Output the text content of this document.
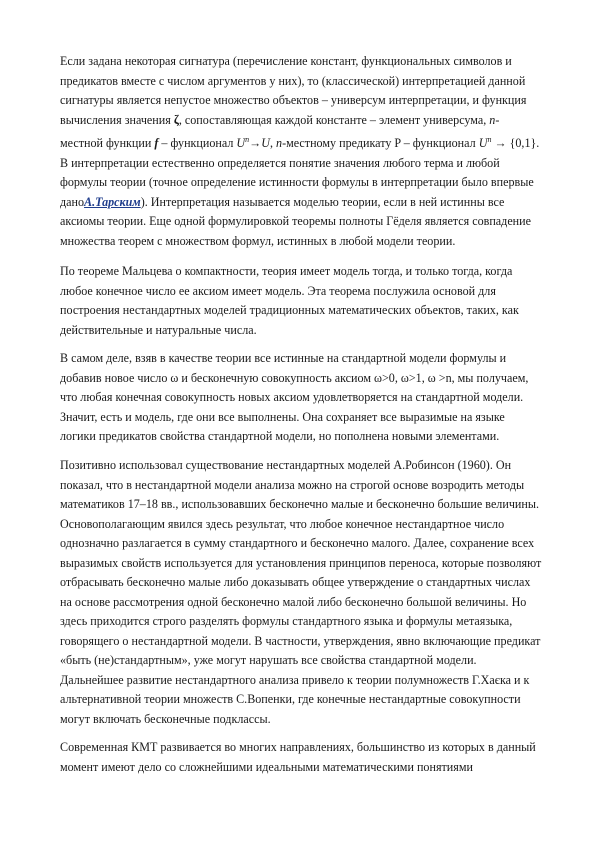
Если задана некоторая сигнатура (перечисление констант, функциональных символов и предикатов вместе с числом аргументов у них), то (классической) интерпретацией данной сигнатуры является непустое множество объектов – универсум интерпретации, и функция вычисления значения ζ, сопоставляющая каждой константе – элемент универсума, n-местной функции f – функционал $U^n\to U$, n-местному предикату P – функционал $U^n \to \{0,1\}$. В интерпретации естественно определяется понятие значения любого терма и любой формулы теории (точное определение истинности формулы в интерпретации было впервые даноА.Тарским). Интерпретация называется моделью теории, если в ней истинны все аксиомы теории. Еще одной формулировкой теоремы полноты Гёделя является совпадение множества теорем с множеством формул, истинных в любой модели теории.

По теореме Мальцева о компактности, теория имеет модель тогда, и только тогда, когда любое конечное число ее аксиом имеет модель. Эта теорема послужила основой для построения нестандартных моделей традиционных математических объектов, таких, как действительные и натуральные числа.

В самом деле, взяв в качестве теории все истинные на стандартной модели формулы и добавив новое число ω и бесконечную совокупность аксиом ω>0, ω>1, ω >n, мы получаем, что любая конечная совокупность новых аксиом удовлетворяется на стандартной модели. Значит, есть и модель, где они все выполнены. Она сохраняет все выразимые на языке логики предикатов свойства стандартной модели, но пополнена новыми элементами.

Позитивно использовал существование нестандартных моделей А.Робинсон (1960). Он показал, что в нестандартной модели анализа можно на строгой основе возродить методы математиков 17–18 вв., использовавших бесконечно малые и бесконечно большие величины. Основополагающим явился здесь результат, что любое конечное нестандартное число однозначно разлагается в сумму стандартного и бесконечно малого. Далее, сохранение всех выразимых свойств используется для установления принципов переноса, которые позволяют отбрасывать бесконечно малые либо доказывать общее утверждение о стандартных числах на основе рассмотрения одной бесконечно малой либо бесконечно большой величины. Но здесь приходится строго разделять формулы стандартного языка и формулы метаязыка, говорящего о нестандартной модели. В частности, утверждения, явно включающие предикат «быть (не)стандартным», уже могут нарушать все свойства стандартной модели. Дальнейшее развитие нестандартного анализа привело к теории полумножеств Г.Хаєка и к альтернативной теории множеств С.Вопенки, где конечные нестандартные совокупности могут включать бесконечные подклассы.

Современная КМТ развивается во многих направлениях, большинство из которых в данный момент имеют дело со сложнейшими идеальными математическими понятиями
